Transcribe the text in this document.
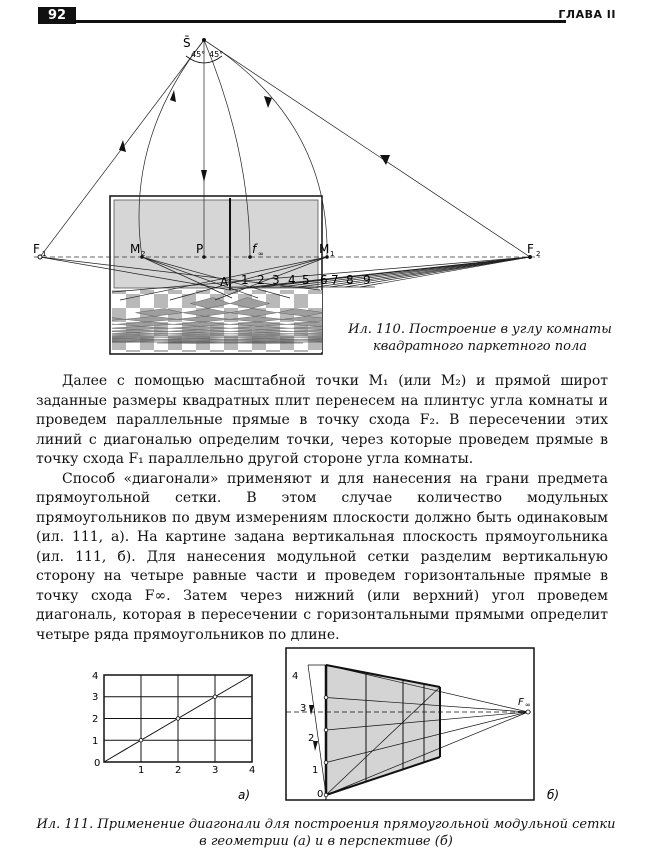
92	ГЛАВА II
S̄
45° 45°
F 1	F 2
M 2	M 1
P	f ∞
A 1 2 3 4 5 6 7 8 9
Ил. 110. Построение в углу комнаты
квадратного паркетного пола

Далее с помощью масштабной точки M₁ (или M₂) и прямой широт заданные размеры квадратных плит перенесем на плинтус угла комнаты и проведем параллельные прямые в точку схода F₂. В пересечении этих линий с диагональю определим точки, через которые проведем прямые в точку схода F₁ параллельно другой стороне угла комнаты.

Способ «диагонали» применяют и для нанесения на грани предмета прямоугольной сетки. В этом случае количество модульных прямоугольников по двум измерениям плоскости должно быть одинаковым (ил. 111, а). На картине задана вертикальная плоскость прямоугольника (ил. 111, б). Для нанесения модульной сетки разделим вертикальную сторону на четыре равные части и проведем горизонтальные прямые в точку схода F∞. Затем через нижний (или верхний) угол проведем диагональ, которая в пересечении с горизонтальными прямыми определит четыре ряда прямоугольников по длине.

0
1	2	3	4
1
2
3
4
а)	0
1
2
3
4
F ∞
б)
Ил. 111. Применение диагонали для построения прямоугольной модульной сетки
в геометрии (а) и в перспективе (б)
